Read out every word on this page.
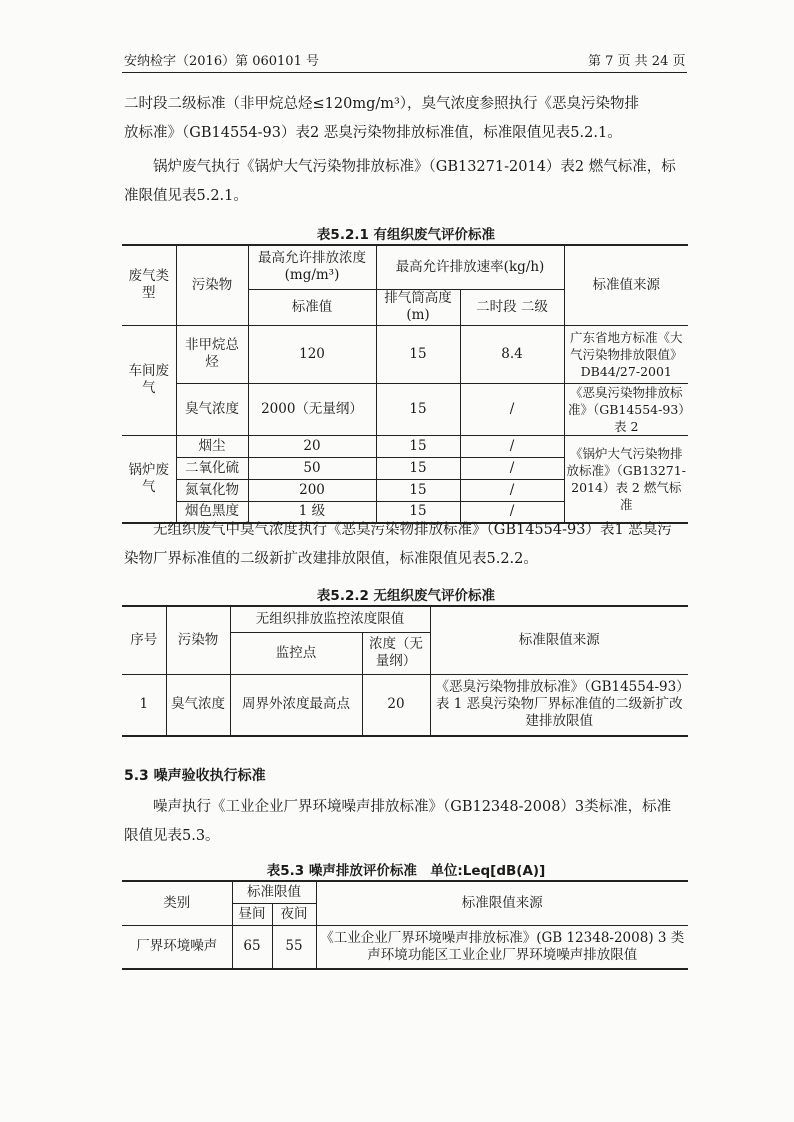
安纳检字（2016）第 060101 号	第 7 页 共 24 页

二时段二级标准（非甲烷总烃≤120mg/m³），臭气浓度参照执行《恶臭污染物排
放标准》（GB14554-93）表2 恶臭污染物排放标准值，标准限值见表5.2.1。

锅炉废气执行《锅炉大气污染物排放标准》（GB13271-2014）表2 燃气标准，标准限值见表5.2.1。

表5.2.1 有组织废气评价标准
废气类型	污染物	最高允许排放浓度(mg/m³)	最高允许排放速率(kg/h)		标准值来源
		标准值	排气筒高度(m)	二时段 二级	
车间废气	非甲烷总烃	120	15	8.4	广东省地方标准《大气污染物排放限值》DB44/27-2001
	臭气浓度	2000（无量纲）	15	/	《恶臭污染物排放标准》（GB14554-93）表 2
锅炉废气	烟尘	20	15	/	《锅炉大气污染物排放标准》（GB13271-2014）表 2 燃气标准
	二氧化硫	50	15	/	
	氮氧化物	200	15	/	
	烟色黑度	1 级	15	/	

无组织废气中臭气浓度执行《恶臭污染物排放标准》（GB14554-93）表1 恶臭污染物厂界标准值的二级新扩改建排放限值，标准限值见表5.2.2。

表5.2.2 无组织废气评价标准
序号	污染物	无组织排放监控浓度限值		标准限值来源
		监控点	浓度（无量纲）	
1	臭气浓度	周界外浓度最高点	20	《恶臭污染物排放标准》（GB14554-93）表 1 恶臭污染物厂界标准值的二级新扩改建排放限值
5.3 噪声验收执行标准

噪声执行《工业企业厂界环境噪声排放标准》（GB12348-2008）3类标准，标准限值见表5.3。

表5.3 噪声排放评价标准　单位:Leq[dB(A)]
类别	标准限值		标准限值来源
	昼间	夜间	
厂界环境噪声	65	55	《工业企业厂界环境噪声排放标准》(GB 12348-2008) 3 类声环境功能区工业企业厂界环境噪声排放限值
